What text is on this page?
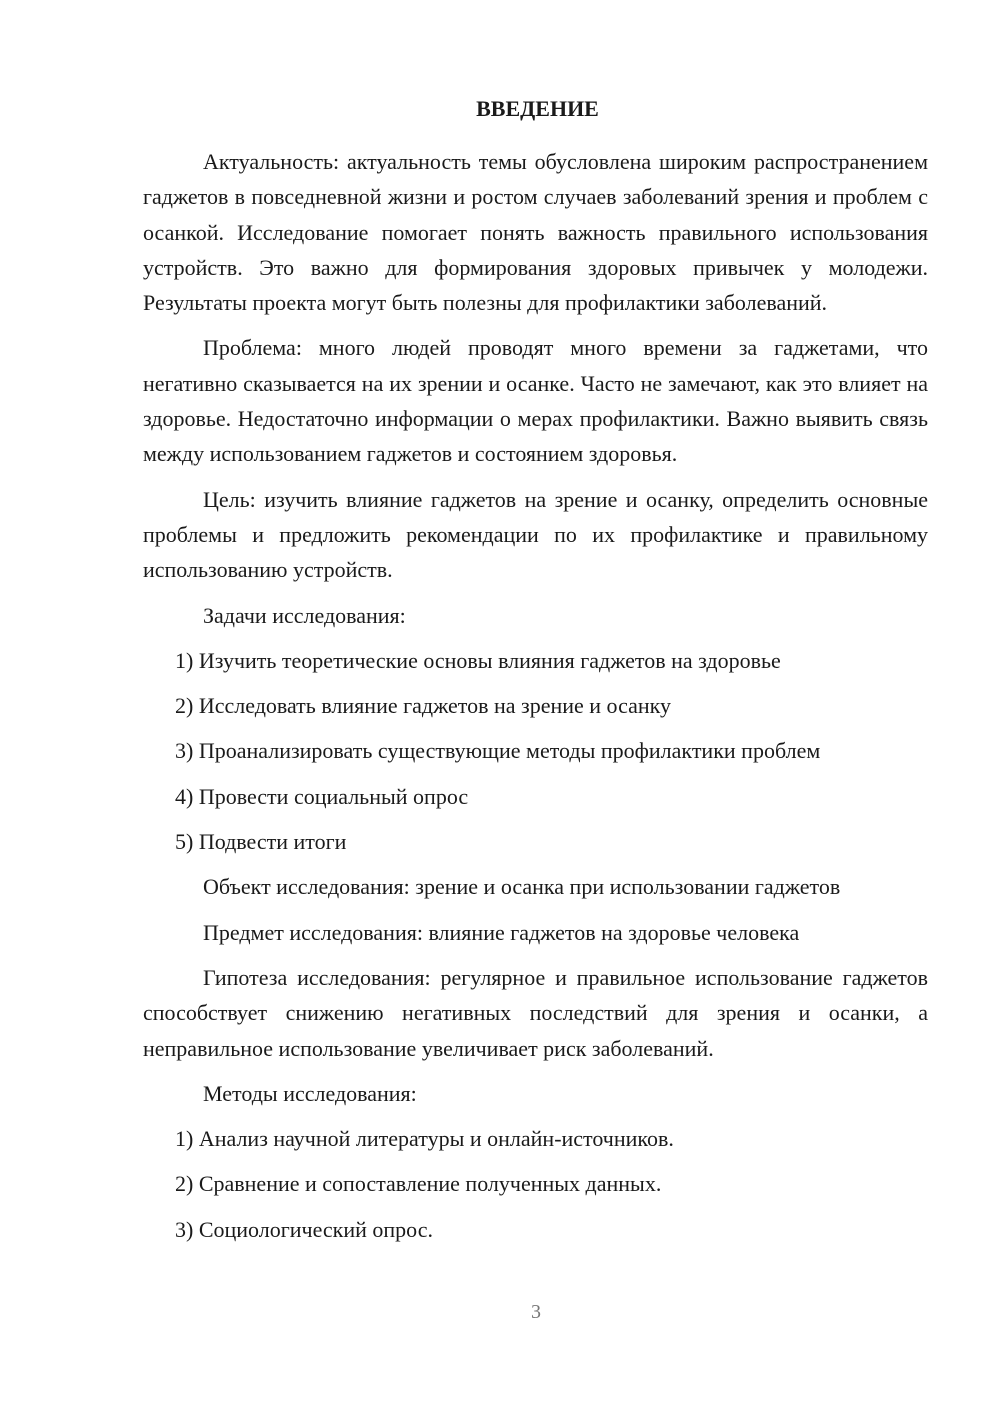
ВВЕДЕНИЕ

Актуальность: актуальность темы обусловлена широким распространением гаджетов в повседневной жизни и ростом случаев заболеваний зрения и проблем с осанкой. Исследование помогает понять важность правильного использования устройств. Это важно для формирования здоровых привычек у молодежи. Результаты проекта могут быть полезны для профилактики заболеваний.

Проблема: много людей проводят много времени за гаджетами, что негативно сказывается на их зрении и осанке. Часто не замечают, как это влияет на здоровье. Недостаточно информации о мерах профилактики. Важно выявить связь между использованием гаджетов и состоянием здоровья.

Цель: изучить влияние гаджетов на зрение и осанку, определить основные проблемы и предложить рекомендации по их профилактике и правильному использованию устройств.

Задачи исследования:
1) Изучить теоретические основы влияния гаджетов на здоровье
2) Исследовать влияние гаджетов на зрение и осанку
3) Проанализировать существующие методы профилактики проблем
4) Провести социальный опрос
5) Подвести итоги
Объект исследования: зрение и осанка при использовании гаджетов
Предмет исследования: влияние гаджетов на здоровье человека

Гипотеза исследования: регулярное и правильное использование гаджетов способствует снижению негативных последствий для зрения и осанки, а неправильное использование увеличивает риск заболеваний.

Методы исследования:
1) Анализ научной литературы и онлайн-источников.
2) Сравнение и сопоставление полученных данных.
3) Социологический опрос.
3
